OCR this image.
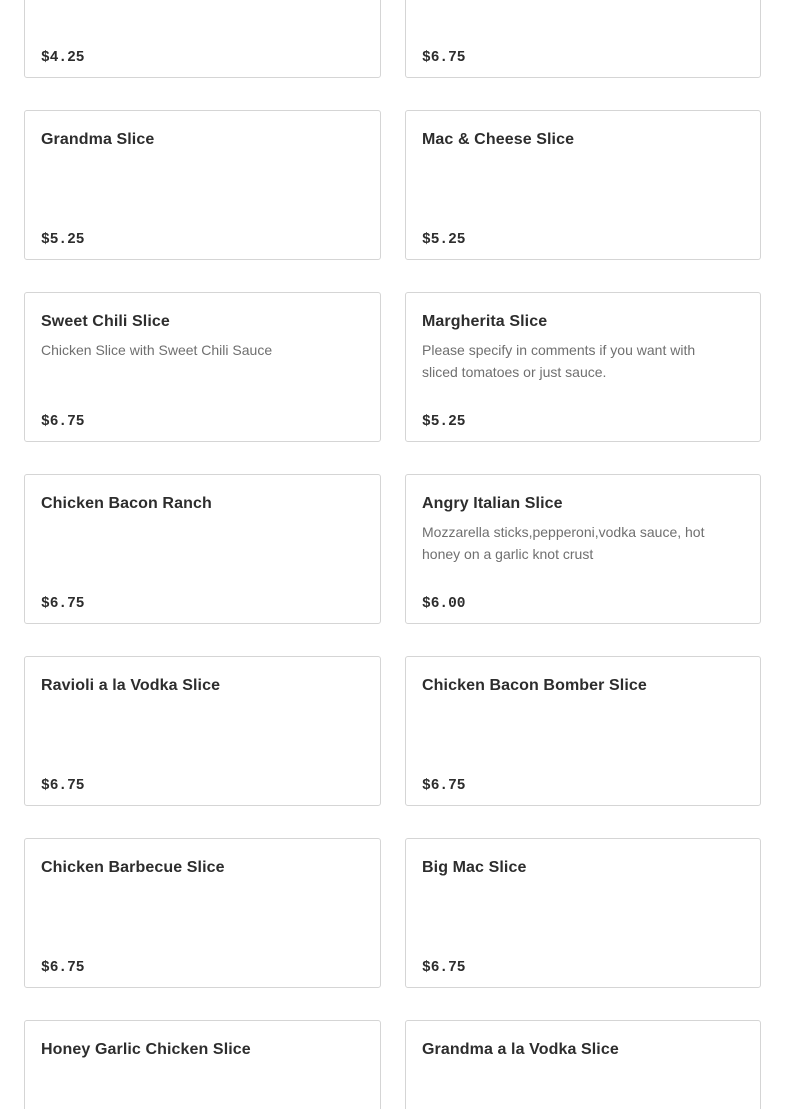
$4.25	$6.75
Grandma Slice
$5.25
Mac & Cheese Slice
$5.25
Sweet Chili Slice
Chicken Slice with Sweet Chili Sauce
$6.75
Margherita Slice
Please specify in comments if you want with sliced tomatoes or just sauce.
$5.25
Chicken Bacon Ranch
$6.75
Angry Italian Slice
Mozzarella sticks,pepperoni,vodka sauce, hot honey on a garlic knot crust
$6.00
Ravioli a la Vodka Slice
$6.75
Chicken Bacon Bomber Slice
$6.75
Chicken Barbecue Slice
$6.75
Big Mac Slice
$6.75
Honey Garlic Chicken Slice	Grandma a la Vodka Slice
